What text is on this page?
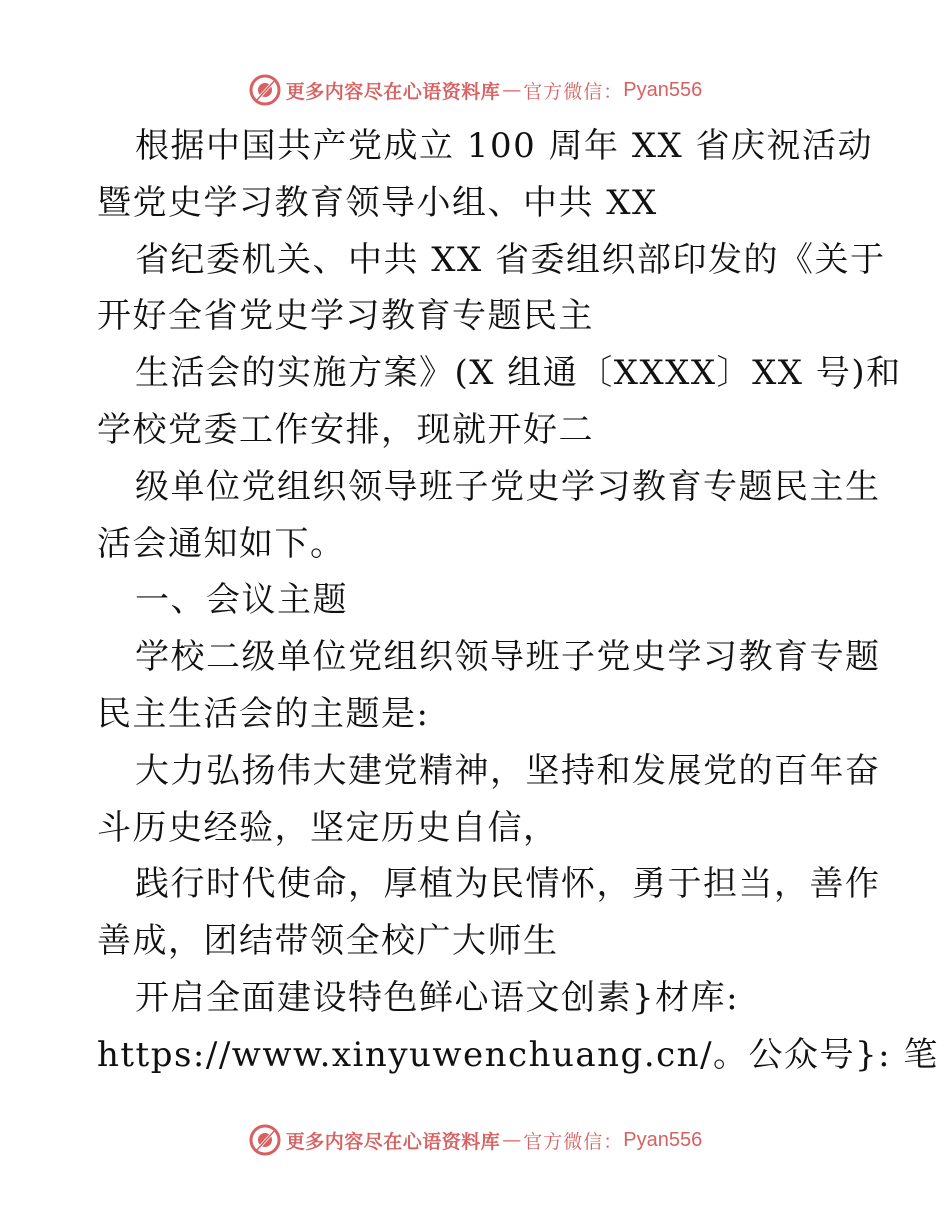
更多内容尽在心语资料库 — 官方微信： Pyan556
根据中国共产党成立 100 周年 XX 省庆祝活动
暨党史学习教育领导小组、中共 XX
省纪委机关、中共 XX 省委组织部印发的《关于
开好全省党史学习教育专题民主
生活会的实施方案》(X 组通〔XXXX〕XX 号)和
学校党委工作安排，现就开好二
级单位党组织领导班子党史学习教育专题民主生
活会通知如下。
一、会议主题
学校二级单位党组织领导班子党史学习教育专题
民主生活会的主题是:
大力弘扬伟大建党精神，坚持和发展党的百年奋
斗历史经验，坚定历史自信，
践行时代使命，厚植为民情怀，勇于担当，善作
善成，团结带领全校广大师生
开启全面建设特色鲜心语文创素}材库:
https://www.xinyuwenchuang.cn/。公众号}: 笔
更多内容尽在心语资料库 — 官方微信： Pyan556
